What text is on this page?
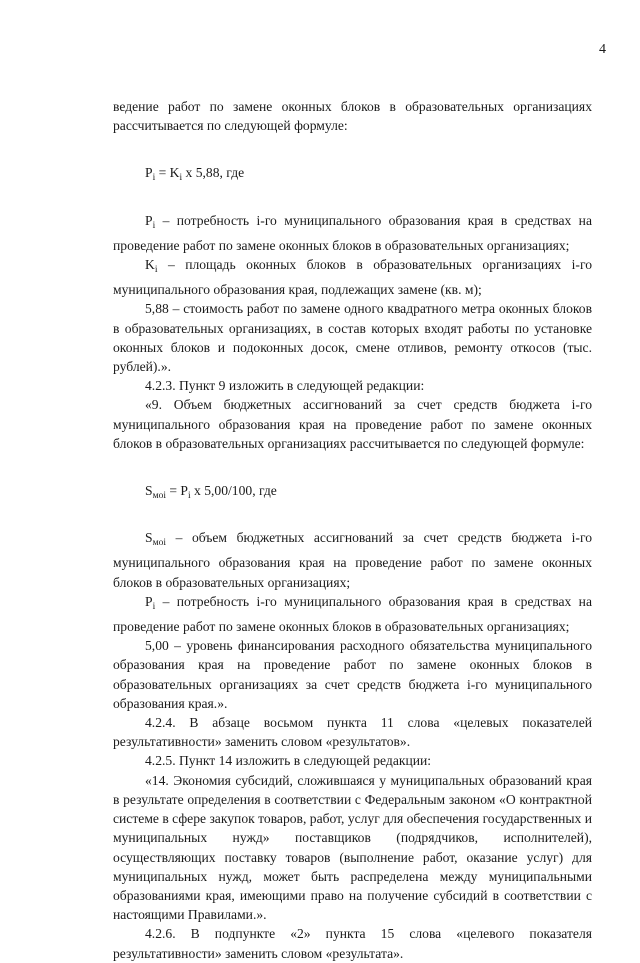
4

ведение работ по замене оконных блоков в образовательных организациях рассчитывается по следующей формуле:

$P_i = K_i$ x 5,88, где

$P_i$ – потребность i-го муниципального образования края в средствах на проведение работ по замене оконных блоков в образовательных организациях;

$K_i$ – площадь оконных блоков в образовательных организациях i-го муниципального образования края, подлежащих замене (кв. м);

5,88 – стоимость работ по замене одного квадратного метра оконных блоков в образовательных организациях, в состав которых входят работы по установке оконных блоков и подоконных досок, смене отливов, ремонту откосов (тыс. рублей).».

4.2.3. Пункт 9 изложить в следующей редакции:

«9. Объем бюджетных ассигнований за счет средств бюджета i-го муниципального образования края на проведение работ по замене оконных блоков в образовательных организациях рассчитывается по следующей формуле:

$S_{мoi} = P_i$ x 5,00/100, где

$S_{мoi}$ – объем бюджетных ассигнований за счет средств бюджета i-го муниципального образования края на проведение работ по замене оконных блоков в образовательных организациях;

$P_i$ – потребность i-го муниципального образования края в средствах на проведение работ по замене оконных блоков в образовательных организациях;

5,00 – уровень финансирования расходного обязательства муниципального образования края на проведение работ по замене оконных блоков в образовательных организациях за счет средств бюджета i-го муниципального образования края.».

4.2.4. В абзаце восьмом пункта 11 слова «целевых показателей результативности» заменить словом «результатов».

4.2.5. Пункт 14 изложить в следующей редакции:

«14. Экономия субсидий, сложившаяся у муниципальных образований края в результате определения в соответствии с Федеральным законом «О контрактной системе в сфере закупок товаров, работ, услуг для обеспечения государственных и муниципальных нужд» поставщиков (подрядчиков, исполнителей), осуществляющих поставку товаров (выполнение работ, оказание услуг) для муниципальных нужд, может быть распределена между муниципальными образованиями края, имеющими право на получение субсидий в соответствии с настоящими Правилами.».

4.2.6. В подпункте «2» пункта 15 слова «целевого показателя результативности» заменить словом «результата».
